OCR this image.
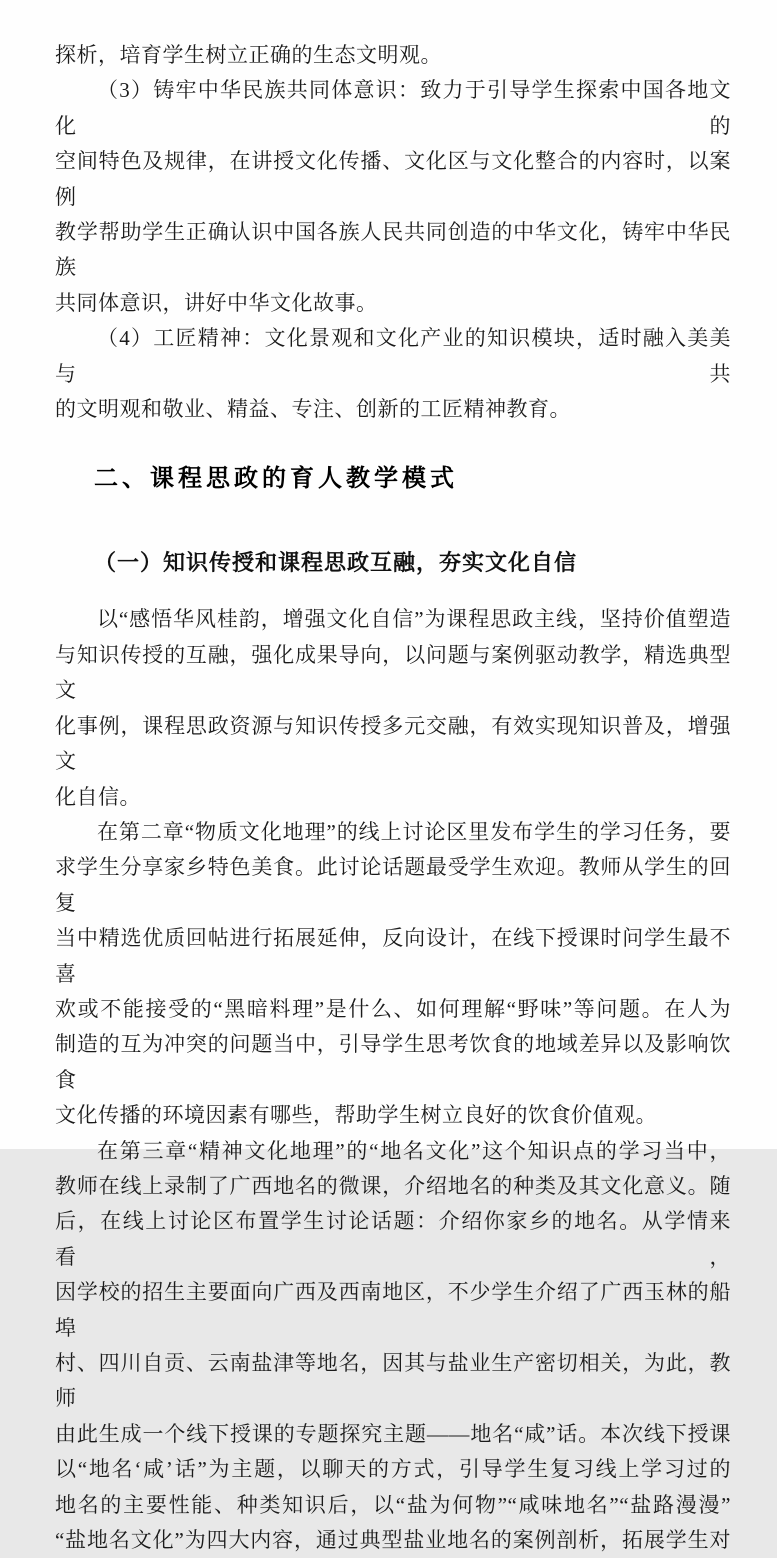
探析，培育学生树立正确的生态文明观。
（3）铸牢中华民族共同体意识：致力于引导学生探索中国各地文化的
空间特色及规律，在讲授文化传播、文化区与文化整合的内容时，以案例
教学帮助学生正确认识中国各族人民共同创造的中华文化，铸牢中华民族
共同体意识，讲好中华文化故事。
（4）工匠精神：文化景观和文化产业的知识模块，适时融入美美与共
的文明观和敬业、精益、专注、创新的工匠精神教育。
二、课程思政的育人教学模式
（一）知识传授和课程思政互融，夯实文化自信
以“感悟华风桂韵，增强文化自信”为课程思政主线，坚持价值塑造
与知识传授的互融，强化成果导向，以问题与案例驱动教学，精选典型文
化事例，课程思政资源与知识传授多元交融，有效实现知识普及，增强文
化自信。
在第二章“物质文化地理”的线上讨论区里发布学生的学习任务，要
求学生分享家乡特色美食。此讨论话题最受学生欢迎。教师从学生的回复
当中精选优质回帖进行拓展延伸，反向设计，在线下授课时问学生最不喜
欢或不能接受的“黑暗料理”是什么、如何理解“野味”等问题。在人为
制造的互为冲突的问题当中，引导学生思考饮食的地域差异以及影响饮食
文化传播的环境因素有哪些，帮助学生树立良好的饮食价值观。
在第三章“精神文化地理”的“地名文化”这个知识点的学习当中，
教师在线上录制了广西地名的微课，介绍地名的种类及其文化意义。随
后，在线上讨论区布置学生讨论话题：介绍你家乡的地名。从学情来看，
因学校的招生主要面向广西及西南地区，不少学生介绍了广西玉林的船埠
村、四川自贡、云南盐津等地名，因其与盐业生产密切相关，为此，教师
由此生成一个线下授课的专题探究主题——地名“咸”话。本次线下授课
以“地名‘咸’话”为主题，以聊天的方式，引导学生复习线上学习过的
地名的主要性能、种类知识后，以“盐为何物”“咸味地名”“盐路漫漫”
“盐地名文化”为四大内容，通过典型盐业地名的案例剖析，拓展学生对
